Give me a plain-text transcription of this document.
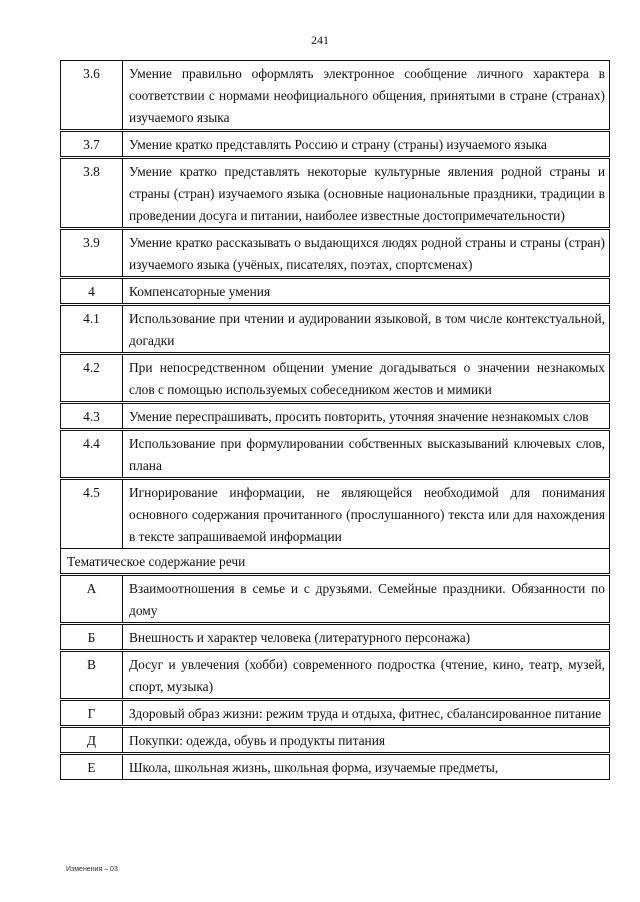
241
3.6	Умение правильно оформлять электронное сообщение личного характера в соответствии с нормами неофициального общения, принятыми в стране (странах) изучаемого языка
3.7	Умение кратко представлять Россию и страну (страны) изучаемого языка
3.8	Умение кратко представлять некоторые культурные явления родной страны и страны (стран) изучаемого языка (основные национальные праздники, традиции в проведении досуга и питании, наиболее известные достопримечательности)
3.9	Умение кратко рассказывать о выдающихся людях родной страны и страны (стран) изучаемого языка (учёных, писателях, поэтах, спортсменах)
4	Компенсаторные умения
4.1	Использование при чтении и аудировании языковой, в том числе контекстуальной, догадки
4.2	При непосредственном общении умение догадываться о значении незнакомых слов с помощью используемых собеседником жестов и мимики
4.3	Умение переспрашивать, просить повторить, уточняя значение незнакомых слов
4.4	Использование при формулировании собственных высказываний ключевых слов, плана
4.5	Игнорирование информации, не являющейся необходимой для понимания основного содержания прочитанного (прослушанного) текста или для нахождения в тексте запрашиваемой информации
Тематическое содержание речи	
А	Взаимоотношения в семье и с друзьями. Семейные праздники. Обязанности по дому
Б	Внешность и характер человека (литературного персонажа)
В	Досуг и увлечения (хобби) современного подростка (чтение, кино, театр, музей, спорт, музыка)
Г	Здоровый образ жизни: режим труда и отдыха, фитнес, сбалансированное питание
Д	Покупки: одежда, обувь и продукты питания
Е	Школа, школьная жизнь, школьная форма, изучаемые предметы,
Изменения – 03
